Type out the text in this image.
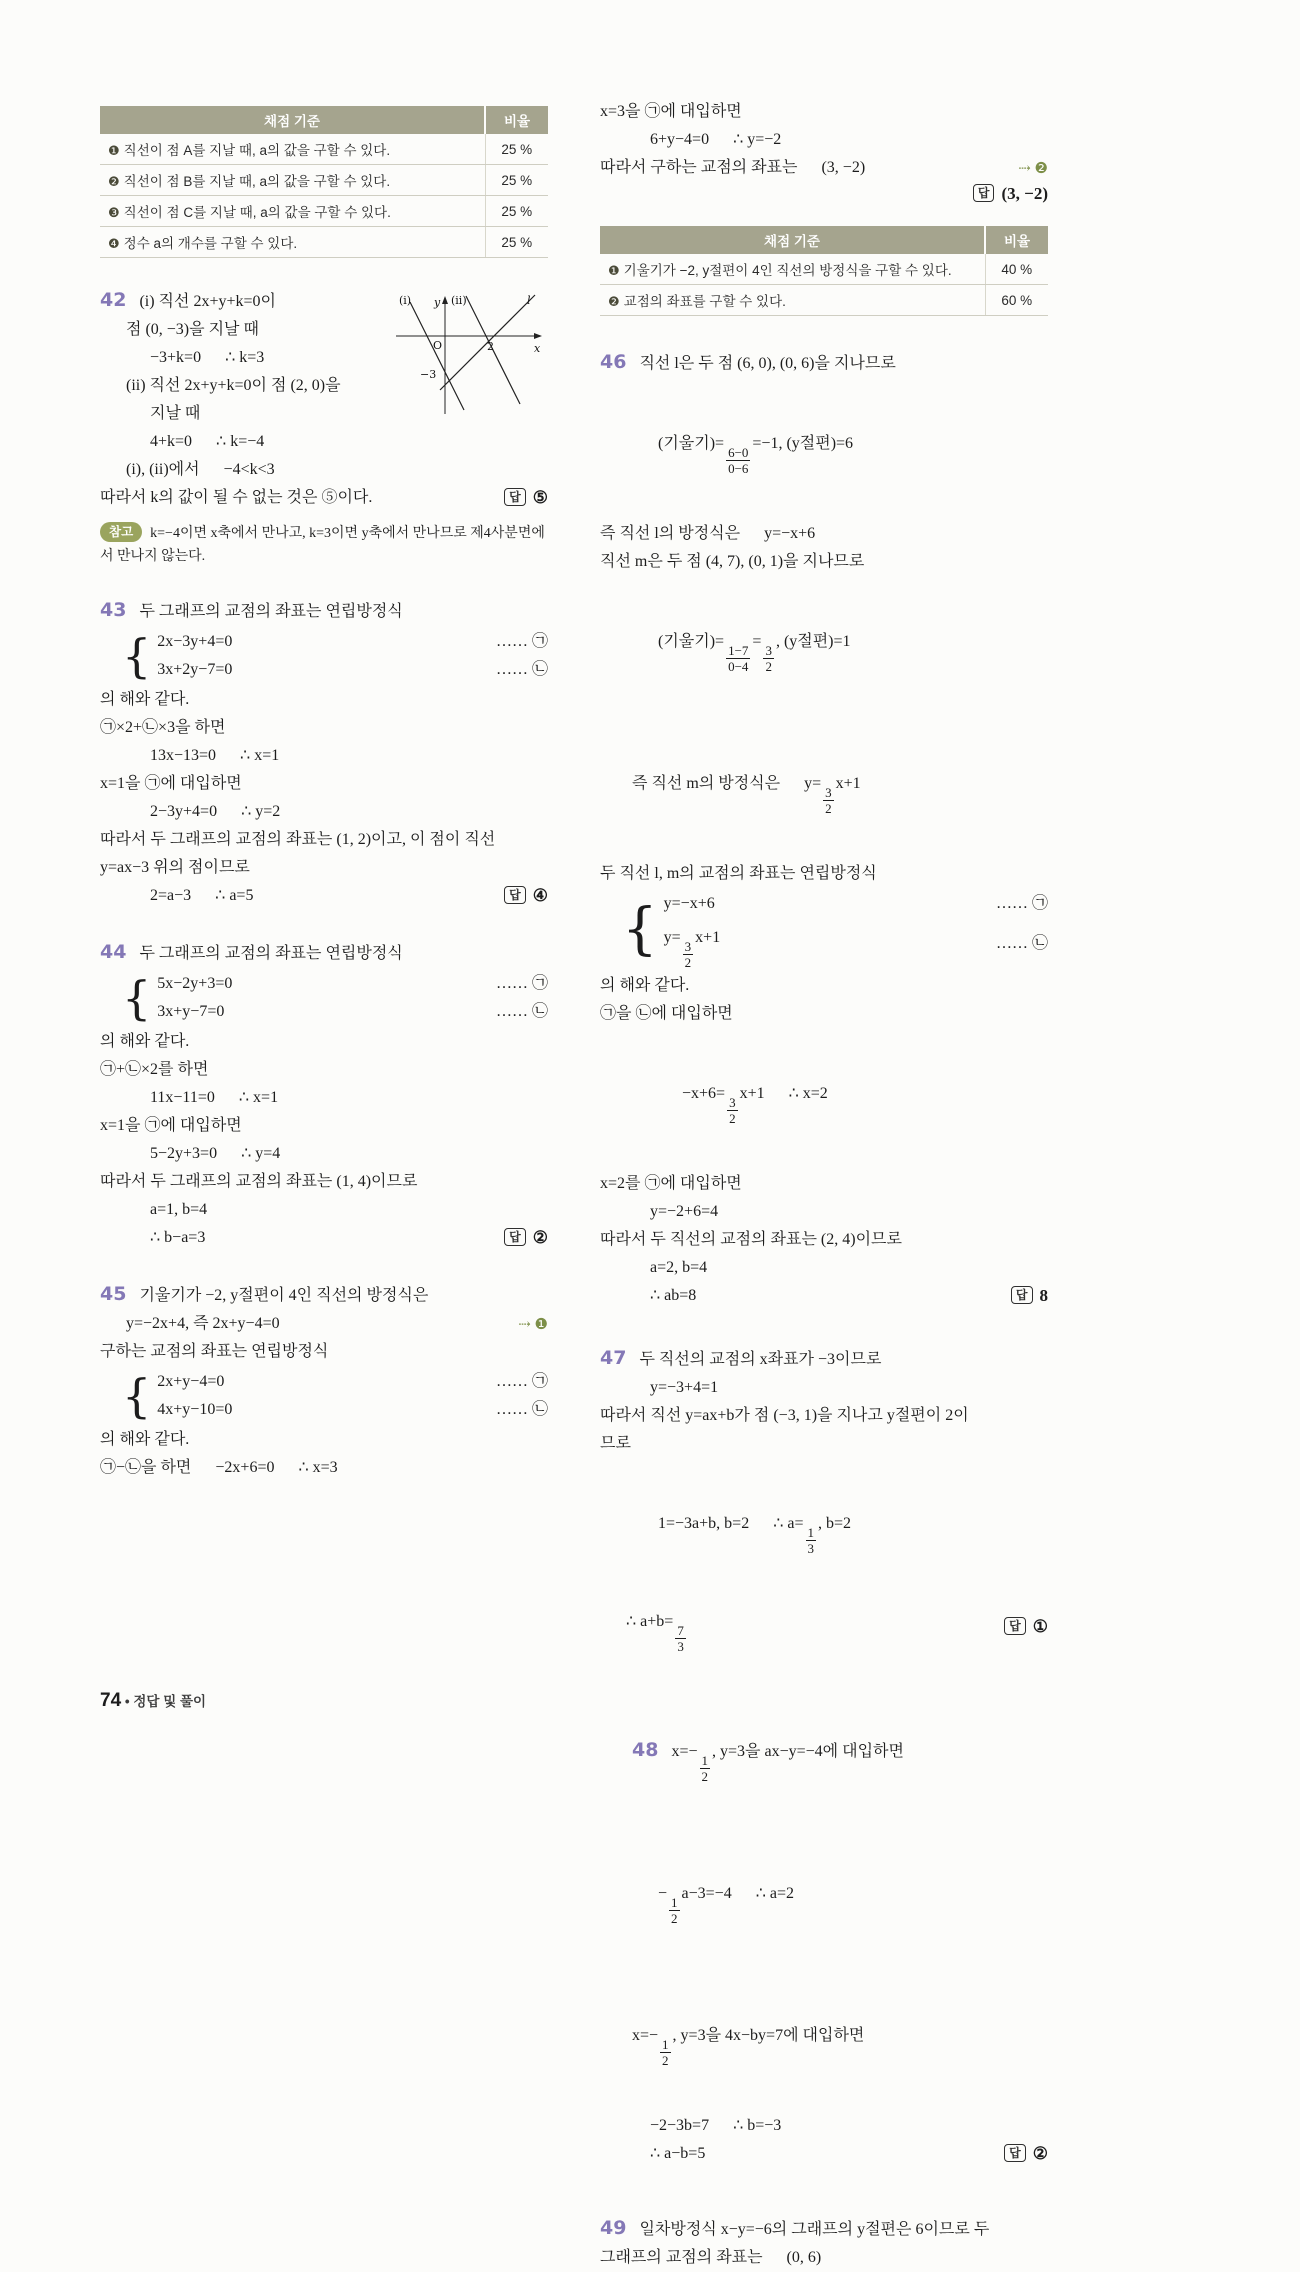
채점 기준	비율
❶ 직선이 점 A를 지날 때, a의 값을 구할 수 있다.	25 %
❷ 직선이 점 B를 지날 때, a의 값을 구할 수 있다.	25 %
❸ 직선이 점 C를 지날 때, a의 값을 구할 수 있다.	25 %
❹ 정수 a의 개수를 구할 수 있다.	25 %
y
x
O
(i)	(ii)	l
2
−3
42 (i) 직선 2x+y+k=0이
점 (0, −3)을 지날 때
−3+k=0      ∴ k=3
(ii) 직선 2x+y+k=0이 점 (2, 0)을
지날 때
4+k=0      ∴ k=−4
(i), (ii)에서      −4<k<3
따라서 k의 값이 될 수 없는 것은 ⑤이다.	답 ⑤
참고 k=−4이면 x축에서 만나고, k=3이면 y축에서 만나므로 제4사분면에서 만나지 않는다.
43 두 그래프의 교점의 좌표는 연립방정식
{ 2x−3y+4=0	…… ㉠
3x+2y−7=0	…… ㉡
의 해와 같다.
㉠×2+㉡×3을 하면
13x−13=0      ∴ x=1
x=1을 ㉠에 대입하면
2−3y+4=0      ∴ y=2
따라서 두 그래프의 교점의 좌표는 (1, 2)이고, 이 점이 직선
y=ax−3 위의 점이므로
2=a−3      ∴ a=5	답 ④
44 두 그래프의 교점의 좌표는 연립방정식
{ 5x−2y+3=0	…… ㉠
3x+y−7=0	…… ㉡
의 해와 같다.
㉠+㉡×2를 하면
11x−11=0      ∴ x=1
x=1을 ㉠에 대입하면
5−2y+3=0      ∴ y=4
따라서 두 그래프의 교점의 좌표는 (1, 4)이므로
a=1, b=4
∴ b−a=3	답 ②
45 기울기가 −2, y절편이 4인 직선의 방정식은
y=−2x+4, 즉 2x+y−4=0	⇢ ❶
구하는 교점의 좌표는 연립방정식
{ 2x+y−4=0	…… ㉠
4x+y−10=0	…… ㉡
의 해와 같다.
㉠−㉡을 하면      −2x+6=0      ∴ x=3
x=3을 ㉠에 대입하면
6+y−4=0      ∴ y=−2
따라서 구하는 교점의 좌표는      (3, −2)	⇢ ❷
답 (3, −2)
채점 기준	비율
❶ 기울기가 −2, y절편이 4인 직선의 방정식을 구할 수 있다.	40 %
❷ 교점의 좌표를 구할 수 있다.	60 %
46 직선 l은 두 점 (6, 0), (0, 6)을 지나므로

(기울기)=
$\frac{6-0}{0-6}$
=−1, (y절편)=6

즉 직선 l의 방정식은      y=−x+6
직선 m은 두 점 (4, 7), (0, 1)을 지나므로

(기울기)=
$\frac{1-7}{0-4}$
=
$\frac{3}{2}$
, (y절편)=1

즉 직선 m의 방정식은      y=
$\frac{3}{2}$
x+1

두 직선 l, m의 교점의 좌표는 연립방정식
{ y=−x+6	…… ㉠
y=
$\frac{3}{2}$
x+1	…… ㉡
의 해와 같다.
㉠을 ㉡에 대입하면

−x+6=
$\frac{3}{2}$
x+1      ∴ x=2

x=2를 ㉠에 대입하면
y=−2+6=4
따라서 두 직선의 교점의 좌표는 (2, 4)이므로
a=2, b=4
∴ ab=8	답 8
47 두 직선의 교점의 x좌표가 −3이므로
y=−3+4=1
따라서 직선 y=ax+b가 점 (−3, 1)을 지나고 y절편이 2이
므로

1=−3a+b, b=2      ∴ a=
$\frac{1}{3}$
, b=2

∴ a+b=
$\frac{7}{3}$	답 ①

48 x=−
$\frac{1}{2}$
, y=3을 ax−y=−4에 대입하면

−
$\frac{1}{2}$
a−3=−4      ∴ a=2

x=−
$\frac{1}{2}$
, y=3을 4x−by=7에 대입하면

−2−3b=7      ∴ b=−3
∴ a−b=5	답 ②
49 일차방정식 x−y=−6의 그래프의 y절편은 6이므로 두
그래프의 교점의 좌표는      (0, 6)
74 • 정답 및 풀이
